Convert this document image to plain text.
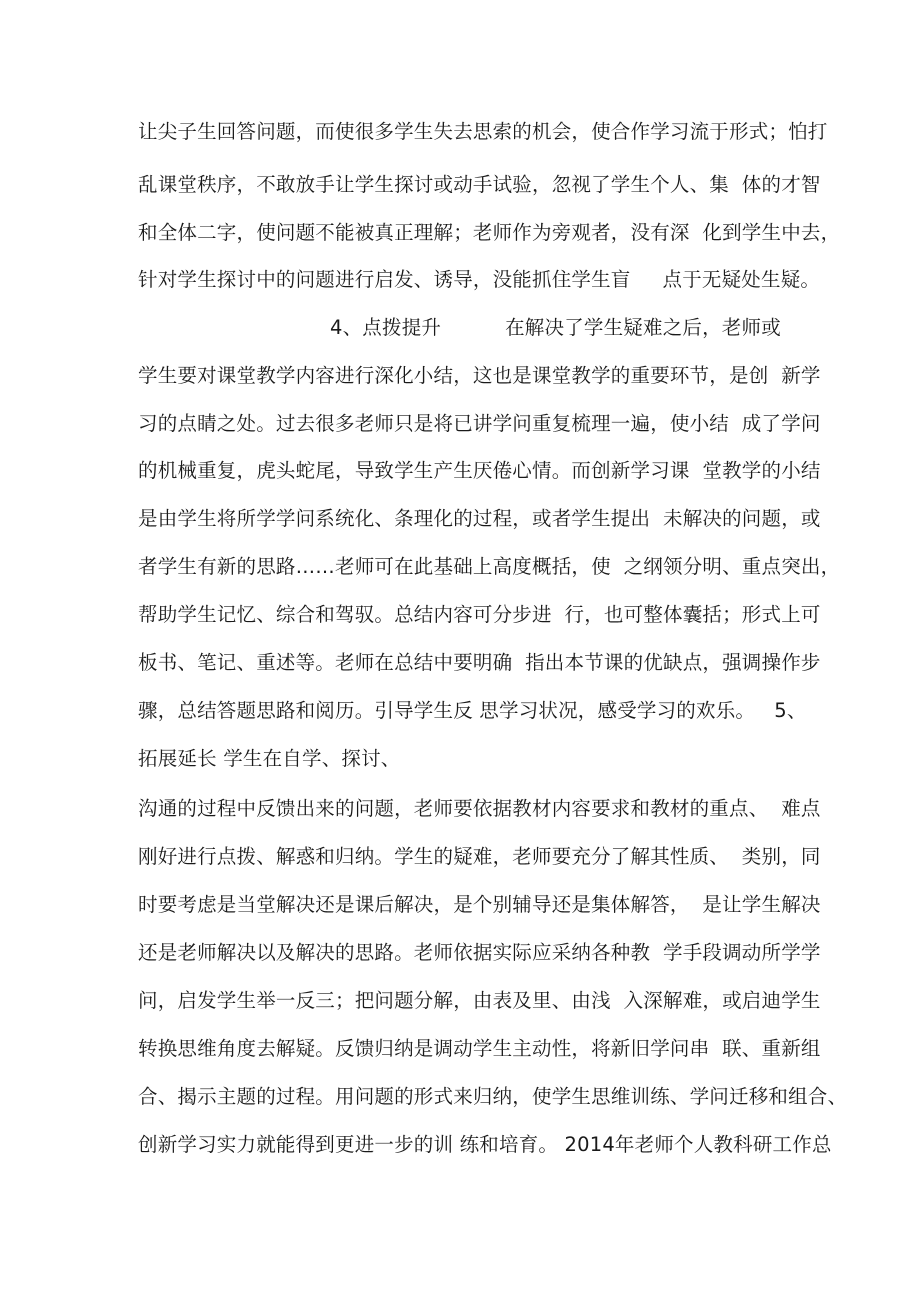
让尖子生回答问题，而使很多学生失去思索的机会，使合作学习流于形式；怕打
乱课堂秩序，不敢放手让学生探讨或动手试验，忽视了学生个人、集  体的才智
和全体二字，使问题不能被真正理解；老师作为旁观者，没有深  化到学生中去，
针对学生探讨中的问题进行启发、诱导，没能抓住学生盲     点于无疑处生疑。
4、点拨提升          在解决了学生疑难之后，老师或
学生要对课堂教学内容进行深化小结，这也是课堂教学的重要环节，是创  新学
习的点睛之处。过去很多老师只是将已讲学问重复梳理一遍，使小结  成了学问
的机械重复，虎头蛇尾，导致学生产生厌倦心情。而创新学习课  堂教学的小结
是由学生将所学学问系统化、条理化的过程，或者学生提出  未解决的问题，或
者学生有新的思路……老师可在此基础上高度概括，使  之纲领分明、重点突出，
帮助学生记忆、综合和驾驭。总结内容可分步进  行，也可整体囊括；形式上可
板书、笔记、重述等。老师在总结中要明确  指出本节课的优缺点，强调操作步
骤，总结答题思路和阅历。引导学生反 思学习状况，感受学习的欢乐。   5、
拓展延长 学生在自学、探讨、
沟通的过程中反馈出来的问题，老师要依据教材内容要求和教材的重点、  难点
刚好进行点拨、解惑和归纳。学生的疑难，老师要充分了解其性质、  类别，同
时要考虑是当堂解决还是课后解决，是个别辅导还是集体解答，  是让学生解决
还是老师解决以及解决的思路。老师依据实际应采纳各种教  学手段调动所学学
问，启发学生举一反三；把问题分解，由表及里、由浅  入深解难，或启迪学生
转换思维角度去解疑。反馈归纳是调动学生主动性，将新旧学问串  联、重新组
合、揭示主题的过程。用问题的形式来归纳，使学生思维训练、学问迁移和组合、
创新学习实力就能得到更进一步的训 练和培育。 2014年老师个人教科研工作总
